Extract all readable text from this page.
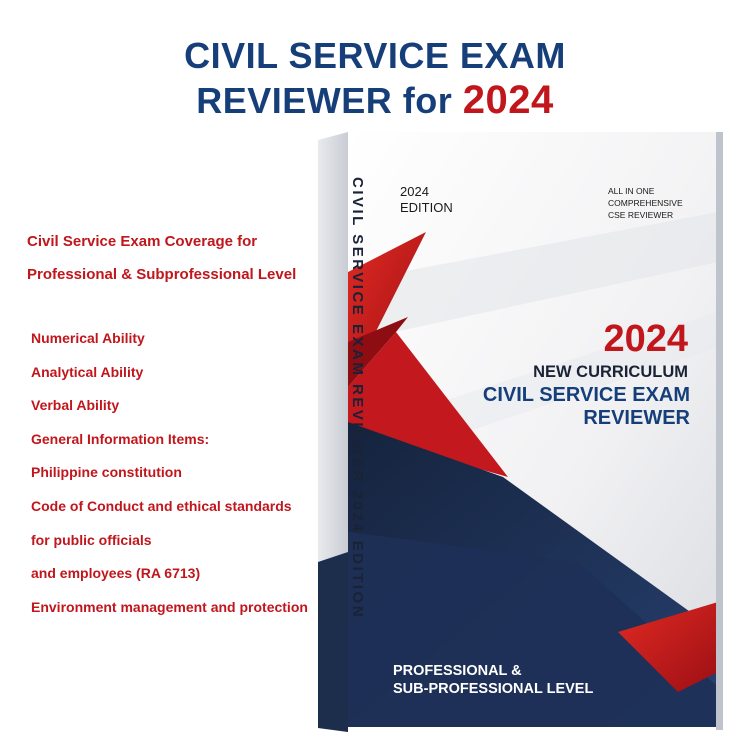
CIVIL SERVICE EXAM
REVIEWER for 2024
Civil Service Exam Coverage for
Professional & Subprofessional Level
Numerical Ability
Analytical Ability
Verbal Ability
General Information Items:
Philippine constitution
Code of Conduct and ethical standards
for public officials
and employees (RA 6713)
Environment management and protection	CIVIL SERVICE EXAM REVIEWER 2024 EDITION	2024
EDITION
ALL IN ONE
COMPREHENSIVE
CSE REVIEWER
2024
NEW CURRICULUM
CIVIL SERVICE EXAM
REVIEWER
PROFESSIONAL &
SUB-PROFESSIONAL LEVEL
